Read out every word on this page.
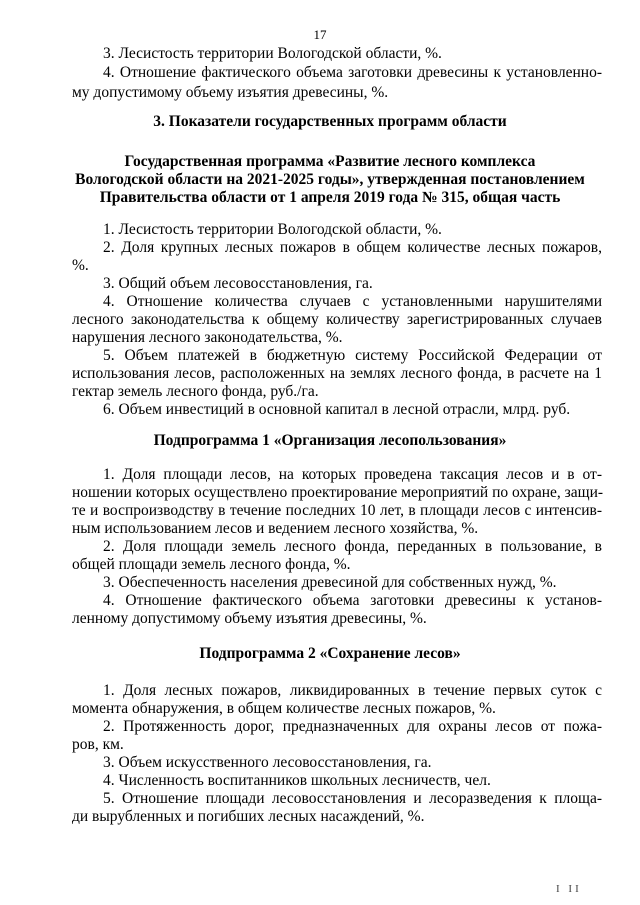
17
3. Лесистость территории Вологодской области, %.
4. Отношение фактического объема заготовки древесины к установленно-
му допустимому объему изъятия древесины, %.
3. Показатели государственных программ области
Государственная программа «Развитие лесного комплекса
Вологодской области на 2021-2025 годы», утвержденная постановлением
Правительства области от 1 апреля 2019 года № 315, общая часть
1. Лесистость территории Вологодской области, %.
2. Доля крупных лесных пожаров в общем количестве лесных пожаров,
%.
3. Общий объем лесовосстановления, га.
4. Отношение количества случаев с установленными нарушителями
лесного законодательства к общему количеству зарегистрированных случаев
нарушения лесного законодательства, %.
5. Объем платежей в бюджетную систему Российской Федерации от
использования лесов, расположенных на землях лесного фонда, в расчете на 1
гектар земель лесного фонда, руб./га.
6. Объем инвестиций в основной капитал в лесной отрасли, млрд. руб.
Подпрограмма 1 «Организация лесопользования»
1. Доля площади лесов, на которых проведена таксация лесов и в от-
ношении которых осуществлено проектирование мероприятий по охране, защи-
те и воспроизводству в течение последних 10 лет, в площади лесов с интенсив-
ным использованием лесов и ведением лесного хозяйства, %.
2. Доля площади земель лесного фонда, переданных в пользование, в
общей площади земель лесного фонда, %.
3. Обеспеченность населения древесиной для собственных нужд, %.
4. Отношение фактического объема заготовки древесины к установ-
ленному допустимому объему изъятия древесины, %.
Подпрограмма 2 «Сохранение лесов»
1. Доля лесных пожаров, ликвидированных в течение первых суток с
момента обнаружения, в общем количестве лесных пожаров, %.
2. Протяженность дорог, предназначенных для охраны лесов от пожа-
ров, км.
3. Объем искусственного лесовосстановления, га.
4. Численность воспитанников школьных лесничеств, чел.
5. Отношение площади лесовосстановления и лесоразведения к площа-
ди вырубленных и погибших лесных насаждений, %.
I II
